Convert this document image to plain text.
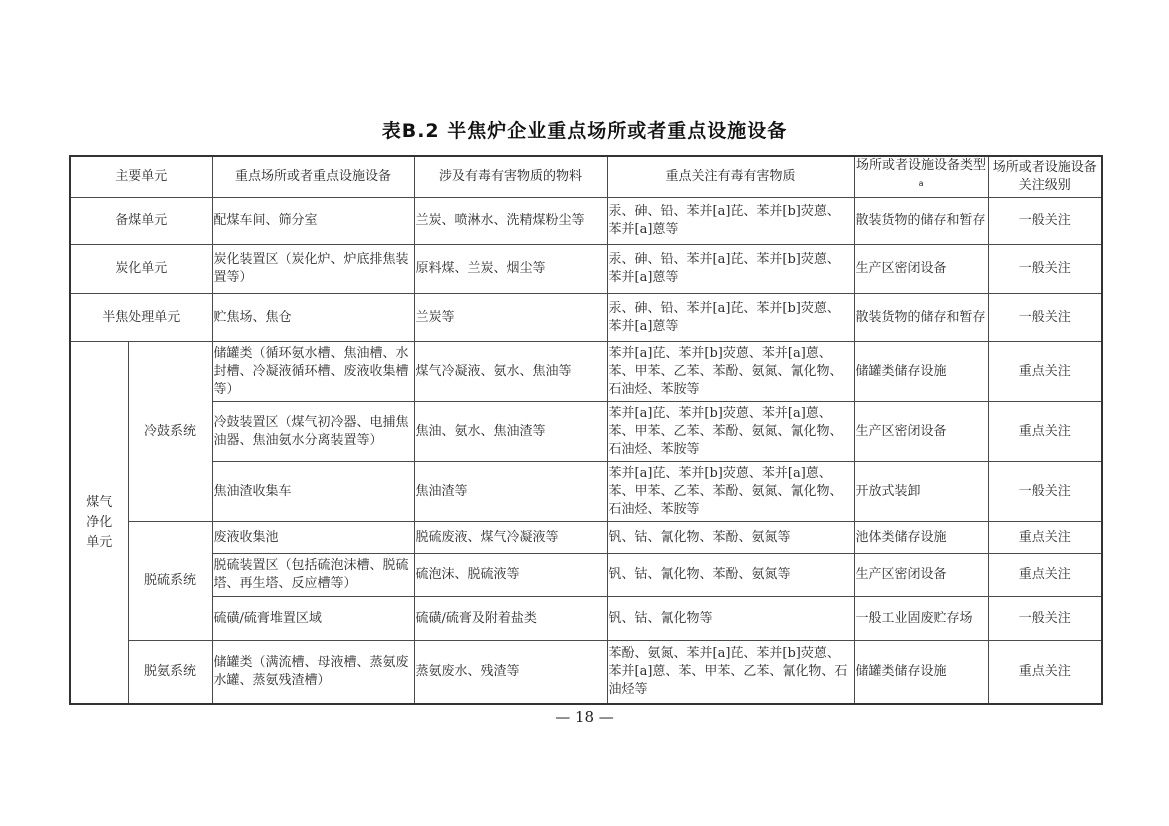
表B.2 半焦炉企业重点场所或者重点设施设备
主要单元		重点场所或者重点设施设备	涉及有毒有害物质的物料	重点关注有毒有害物质	场所或者设施设备类型$^a$	场所或者设施设备关注级别
备煤单元		配煤车间、筛分室	兰炭、喷淋水、洗精煤粉尘等	汞、砷、铅、苯并[a]芘、苯并[b]荧蒽、苯并[a]蒽等	散装货物的储存和暂存	一般关注
炭化单元		炭化装置区（炭化炉、炉底排焦装置等）	原料煤、兰炭、烟尘等	汞、砷、铅、苯并[a]芘、苯并[b]荧蒽、苯并[a]蒽等	生产区密闭设备	一般关注
半焦处理单元		贮焦场、焦仓	兰炭等	汞、砷、铅、苯并[a]芘、苯并[b]荧蒽、苯并[a]蒽等	散装货物的储存和暂存	一般关注

煤气
净化
单元	冷鼓系统	储罐类（循环氨水槽、焦油槽、水封槽、冷凝液循环槽、废液收集槽等）	煤气冷凝液、氨水、焦油等	苯并[a]芘、苯并[b]荧蒽、苯并[a]蒽、苯、甲苯、乙苯、苯酚、氨氮、氰化物、石油烃、苯胺等	储罐类储存设施	重点关注
		冷鼓装置区（煤气初冷器、电捕焦油器、焦油氨水分离装置等）	焦油、氨水、焦油渣等	苯并[a]芘、苯并[b]荧蒽、苯并[a]蒽、苯、甲苯、乙苯、苯酚、氨氮、氰化物、石油烃、苯胺等	生产区密闭设备	重点关注
		焦油渣收集车	焦油渣等	苯并[a]芘、苯并[b]荧蒽、苯并[a]蒽、苯、甲苯、乙苯、苯酚、氨氮、氰化物、石油烃、苯胺等	开放式装卸	一般关注
	脱硫系统	废液收集池	脱硫废液、煤气冷凝液等	钒、钴、氰化物、苯酚、氨氮等	池体类储存设施	重点关注
		脱硫装置区（包括硫泡沫槽、脱硫塔、再生塔、反应槽等）	硫泡沫、脱硫液等	钒、钴、氰化物、苯酚、氨氮等	生产区密闭设备	重点关注
		硫磺/硫膏堆置区域	硫磺/硫膏及附着盐类	钒、钴、氰化物等	一般工业固废贮存场	一般关注
	脱氨系统	储罐类（满流槽、母液槽、蒸氨废水罐、蒸氨残渣槽）	蒸氨废水、残渣等	苯酚、氨氮、苯并[a]芘、苯并[b]荧蒽、苯并[a]蒽、苯、甲苯、乙苯、氰化物、石油烃等	储罐类储存设施	重点关注
— 18 —
